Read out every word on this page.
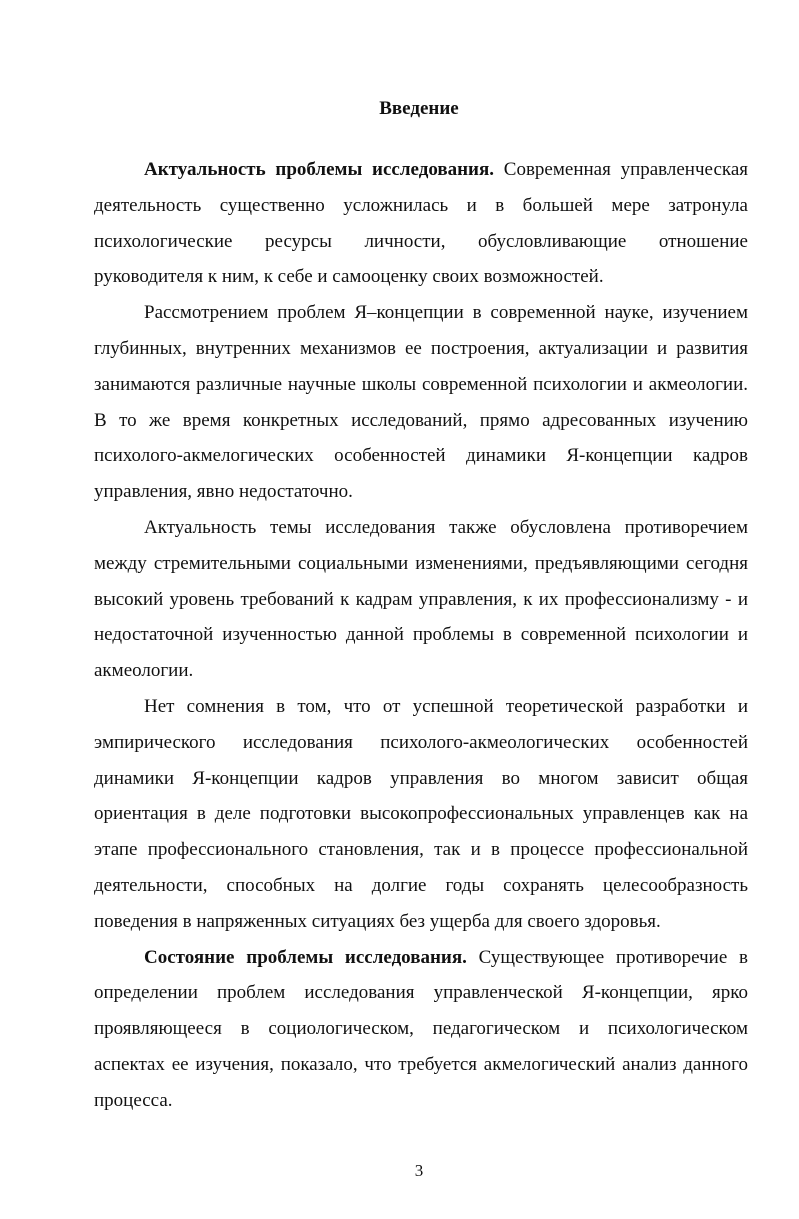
Введение

Актуальность проблемы исследования. Современная управленческая деятельность существенно усложнилась и в большей мере затронула психологические ресурсы личности, обусловливающие отношение руководителя к ним, к себе и самооценку своих возможностей.

Рассмотрением проблем Я–концепции в современной науке, изучением глубинных, внутренних механизмов ее построения, актуализации и развития занимаются различные научные школы современной психологии и акмеологии. В то же время конкретных исследований, прямо адресованных изучению психолого-акмелогических особенностей динамики Я-концепции кадров управления, явно недостаточно.

Актуальность темы исследования также обусловлена противоречием между стремительными социальными изменениями, предъявляющими сегодня высокий уровень требований к кадрам управления, к их профессионализму - и недостаточной изученностью данной проблемы в современной психологии и акмеологии.

Нет сомнения в том, что от успешной теоретической разработки и эмпирического исследования психолого-акмеологических особенностей динамики Я-концепции кадров управления во многом зависит общая ориентация в деле подготовки высокопрофессиональных управленцев как на этапе профессионального становления, так и в процессе профессиональной деятельности, способных на долгие годы сохранять целесообразность поведения в напряженных ситуациях без ущерба для своего здоровья.

Состояние проблемы исследования. Существующее противоречие в определении проблем исследования управленческой Я-концепции, ярко проявляющееся в социологическом, педагогическом и психологическом аспектах ее изучения, показало, что требуется акмелогический анализ данного процесса.

3
